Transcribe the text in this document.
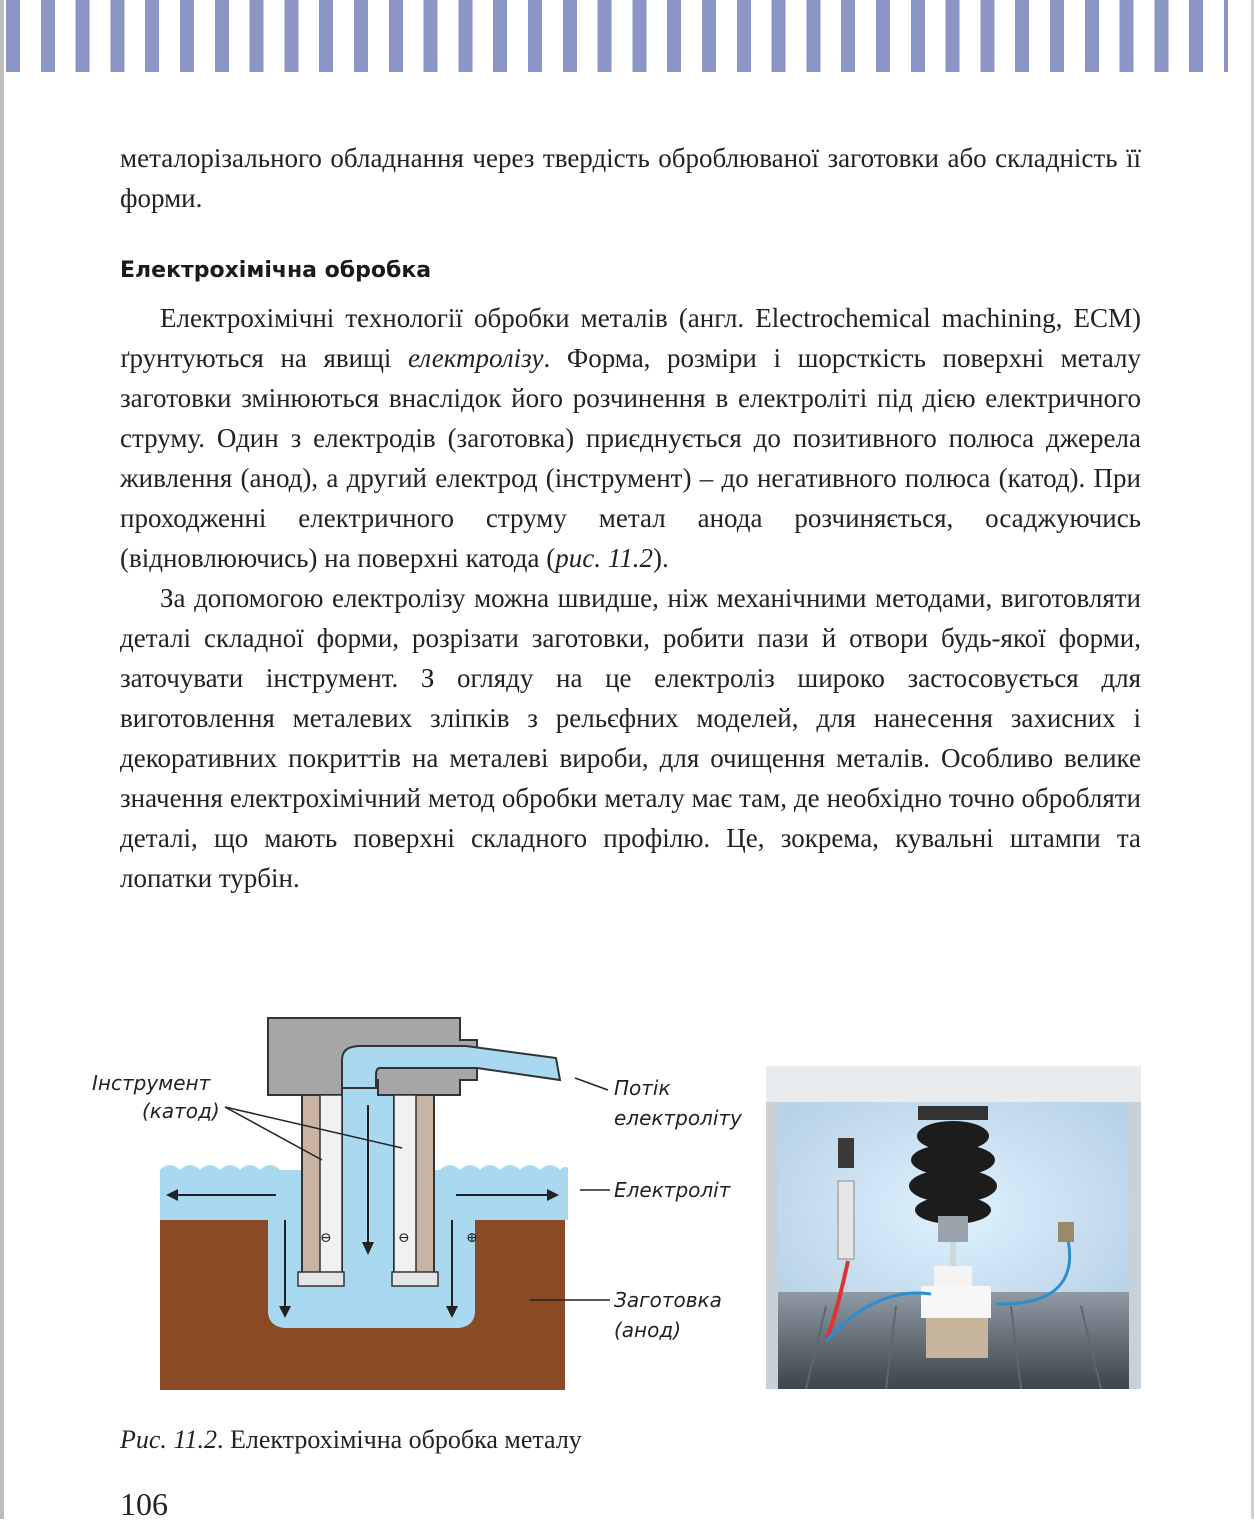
металорізального обладнання через твердість оброблюваної заготовки або складність її форми.

Електрохімічна обробка

Електрохімічні технології обробки металів (англ. Electrochemical machining, ECM) ґрунтуються на явищі електролізу. Форма, розміри і шорсткість поверхні металу заготовки змінюються внаслідок його розчинення в електроліті під дією електричного струму. Один з електродів (заготовка) приєднується до позитивного полюса джерела живлення (анод), а другий електрод (інструмент) – до негативного полюса (катод). При проходженні електричного струму метал анода розчиняється, осаджуючись (відновлюючись) на поверхні катода (рис. 11.2).

За допомогою електролізу можна швидше, ніж механічними методами, виготовляти деталі складної форми, розрізати заготовки, робити пази й отвори будь-якої форми, заточувати інструмент. З огляду на це електроліз широко застосовується для виготовлення металевих зліпків з рельєфних моделей, для нанесення захисних і декоративних покриттів на металеві вироби, для очищення металів. Особливо велике значення електрохімічний метод обробки металу має там, де необхідно точно обробляти деталі, що мають поверхні складного профілю. Це, зокрема, кувальні штампи та лопатки турбін.

⊖	⊖	⊕
Інструмент
(катод)
Потік
електроліту
Електроліт
Заготовка
(анод)
Рис. 11.2. Електрохімічна обробка металу
106
